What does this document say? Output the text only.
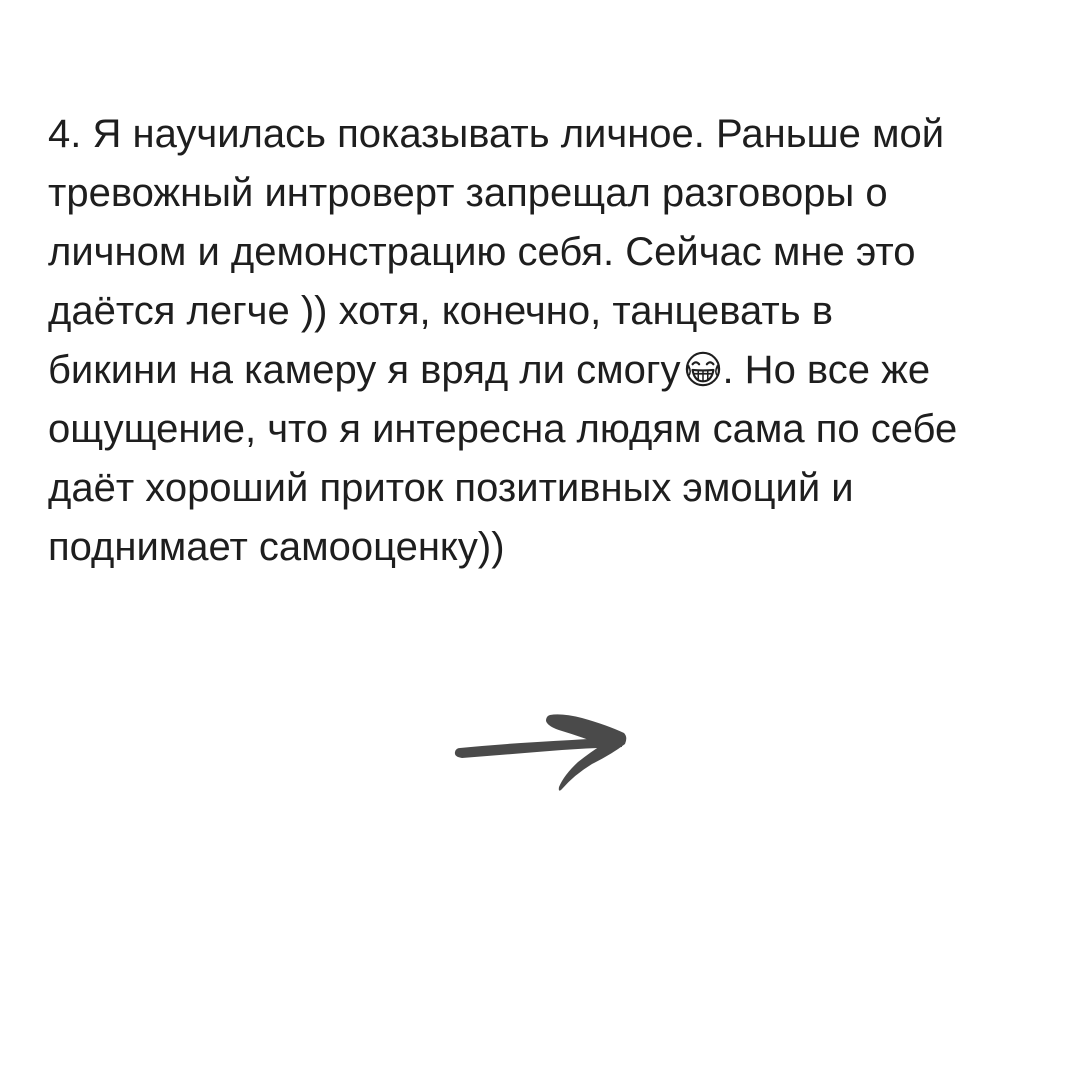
4. Я научилась показывать личное. Раньше мой
тревожный интроверт запрещал разговоры о
личном и демонстрацию себя. Сейчас мне это
даётся легче )) хотя, конечно, танцевать в
бикини на камеру я вряд ли смогу . Но все же
ощущение, что я интересна людям сама по себе
даёт хороший приток позитивных эмоций и
поднимает самооценку))
